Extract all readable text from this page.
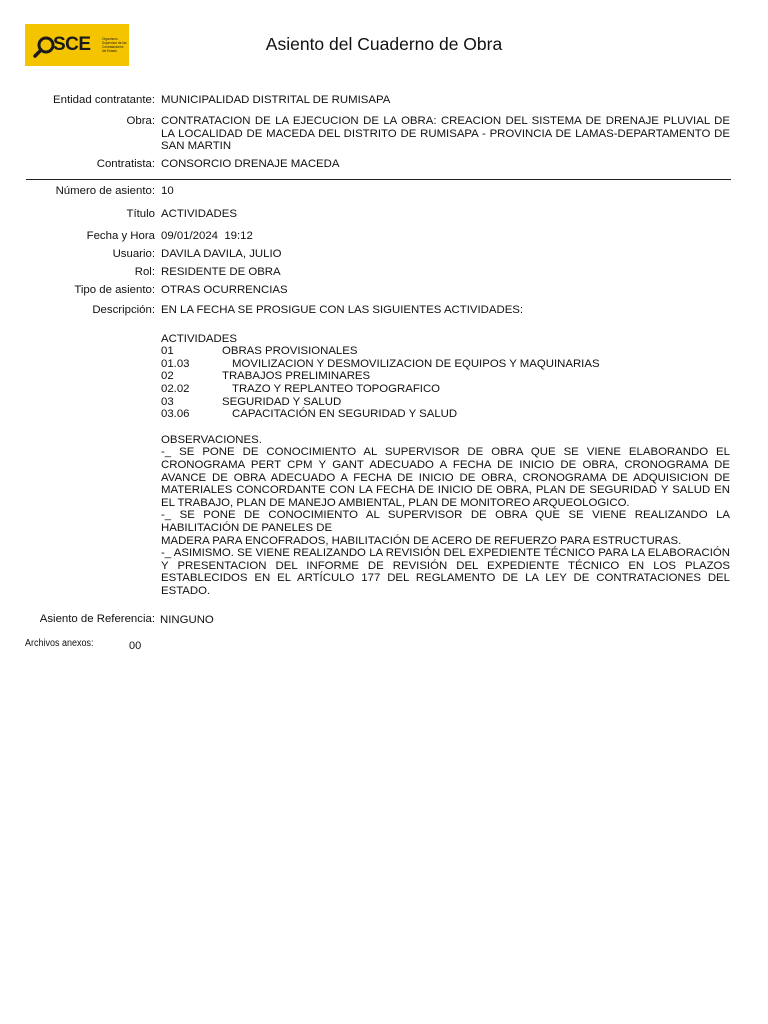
SCE	Organismo Supervisor de las Contrataciones del Estado	Asiento del Cuaderno de Obra
Entidad contratante: MUNICIPALIDAD DISTRITAL DE RUMISAPA
Obra: CONTRATACION DE LA EJECUCION DE LA OBRA: CREACION DEL SISTEMA DE DRENAJE PLUVIAL DE LA LOCALIDAD DE MACEDA DEL DISTRITO DE RUMISAPA - PROVINCIA DE LAMAS-DEPARTAMENTO DE SAN MARTIN
Contratista: CONSORCIO DRENAJE MACEDA
Número de asiento: 10
Título ACTIVIDADES
Fecha y Hora 09/01/2024  19:12
Usuario: DAVILA DAVILA, JULIO
Rol: RESIDENTE DE OBRA
Tipo de asiento: OTRAS OCURRENCIAS
Descripción: EN LA FECHA SE PROSIGUE CON LAS SIGUIENTES ACTIVIDADES:
ACTIVIDADES
01	OBRAS PROVISIONALES
01.03	MOVILIZACION Y DESMOVILIZACION DE EQUIPOS Y MAQUINARIAS
02	TRABAJOS PRELIMINARES
02.02	TRAZO Y REPLANTEO TOPOGRAFICO
03	SEGURIDAD Y SALUD
03.06	CAPACITACIÓN EN SEGURIDAD Y SALUD

OBSERVACIONES.

-_ SE PONE DE CONOCIMIENTO AL SUPERVISOR DE OBRA QUE SE VIENE ELABORANDO EL CRONOGRAMA PERT CPM Y GANT ADECUADO A FECHA DE INICIO DE OBRA, CRONOGRAMA DE AVANCE DE OBRA ADECUADO A FECHA DE INICIO DE OBRA, CRONOGRAMA DE ADQUISICION DE MATERIALES CONCORDANTE CON LA FECHA DE INICIO DE OBRA, PLAN DE SEGURIDAD Y SALUD EN EL TRABAJO, PLAN DE MANEJO AMBIENTAL, PLAN DE MONITOREO ARQUEOLOGICO.

-_ SE PONE DE CONOCIMIENTO AL SUPERVISOR DE OBRA QUE SE VIENE REALIZANDO LA HABILITACIÓN DE PANELES DE

MADERA PARA ENCOFRADOS, HABILITACIÓN DE ACERO DE REFUERZO PARA ESTRUCTURAS.

-_ ASIMISMO. SE VIENE REALIZANDO LA REVISIÓN DEL EXPEDIENTE TÉCNICO PARA LA ELABORACIÓN Y PRESENTACION DEL INFORME DE REVISIÓN DEL EXPEDIENTE TÉCNICO EN LOS PLAZOS ESTABLECIDOS EN EL ARTÍCULO 177 DEL REGLAMENTO DE LA LEY DE CONTRATACIONES DEL ESTADO.

Asiento de Referencia: NINGUNO
Archivos anexos:	00
